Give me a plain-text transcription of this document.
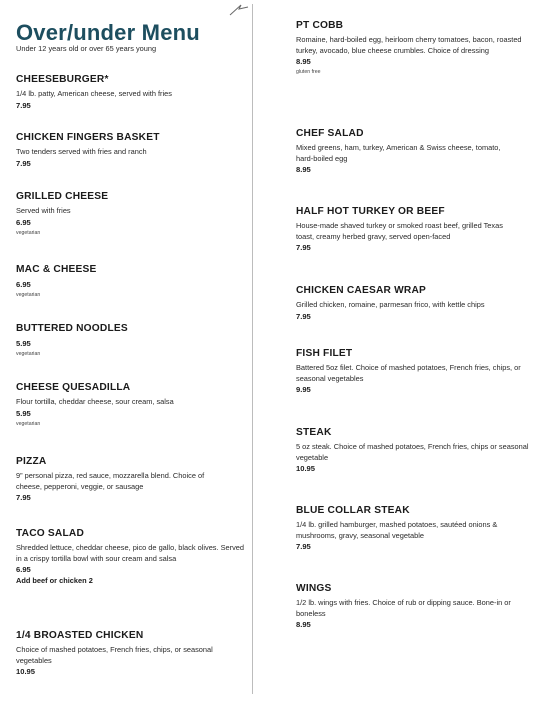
Over/under Menu
Under 12 years old or over 65 years young
CHEESEBURGER*
1/4 lb. patty, American cheese, served with fries
7.95
CHICKEN FINGERS BASKET
Two tenders served with fries and ranch
7.95
GRILLED CHEESE
Served with fries
6.95
vegetarian
MAC & CHEESE
6.95
vegetarian
BUTTERED NOODLES
5.95
vegetarian
CHEESE QUESADILLA
Flour tortilla, cheddar cheese, sour cream, salsa
5.95
vegetarian
PIZZA
9” personal pizza, red sauce, mozzarella blend. Choice of cheese, pepperoni, veggie, or sausage
7.95
TACO SALAD
Shredded lettuce, cheddar cheese, pico de gallo, black olives. Served in a crispy tortilla bowl with sour cream and salsa
6.95
Add beef or chicken 2
1/4 BROASTED CHICKEN
Choice of mashed potatoes, French fries, chips, or seasonal vegetables
10.95
PT COBB
Romaine, hard-boiled egg, heirloom cherry tomatoes, bacon, roasted turkey, avocado, blue cheese crumbles. Choice of dressing
8.95
gluten free
CHEF SALAD
Mixed greens, ham, turkey, American & Swiss cheese, tomato, hard-boiled egg
8.95
HALF HOT TURKEY OR BEEF
House-made shaved turkey or smoked roast beef, grilled Texas toast, creamy herbed gravy, served open-faced
7.95
CHICKEN CAESAR WRAP
Grilled chicken, romaine, parmesan frico, with kettle chips
7.95
FISH FILET
Battered 5oz filet. Choice of mashed potatoes, French fries, chips, or seasonal vegetables
9.95
STEAK
5 oz steak. Choice of mashed potatoes, French fries, chips or seasonal vegetable
10.95
BLUE COLLAR STEAK
1/4 lb. grilled hamburger, mashed potatoes, sautéed onions & mushrooms, gravy, seasonal vegetable
7.95
WINGS
1/2 lb. wings with fries. Choice of rub or dipping sauce. Bone-in or boneless
8.95
